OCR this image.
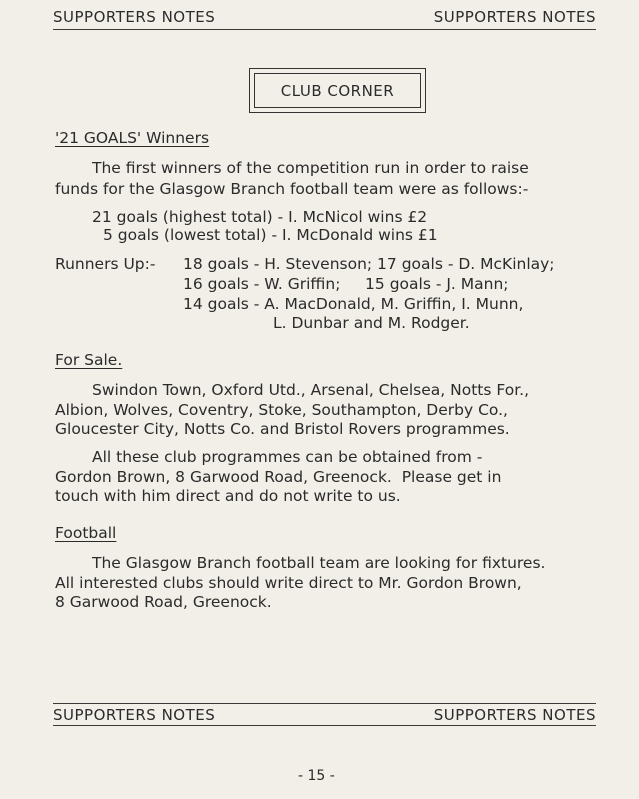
SUPPORTERS NOTES	SUPPORTERS NOTES
CLUB CORNER
'21 GOALS' Winners
The first winners of the competition run in order to raise
funds for the Glasgow Branch football team were as follows:-
21 goals (highest total) - I. McNicol wins £2
5 goals (lowest total) - I. McDonald wins £1
Runners Up:- 18 goals - H. Stevenson; 17 goals - D. McKinlay;
16 goals - W. Griffin;     15 goals - J. Mann;
14 goals - A. MacDonald, M. Griffin, I. Munn,
L. Dunbar and M. Rodger.
For Sale.
Swindon Town, Oxford Utd., Arsenal, Chelsea, Notts For.,
Albion, Wolves, Coventry, Stoke, Southampton, Derby Co.,
Gloucester City, Notts Co. and Bristol Rovers programmes.
All these club programmes can be obtained from -
Gordon Brown, 8 Garwood Road, Greenock.  Please get in
touch with him direct and do not write to us.
Football
The Glasgow Branch football team are looking for fixtures.
All interested clubs should write direct to Mr. Gordon Brown,
8 Garwood Road, Greenock.
SUPPORTERS NOTES	SUPPORTERS NOTES
- 15 -
